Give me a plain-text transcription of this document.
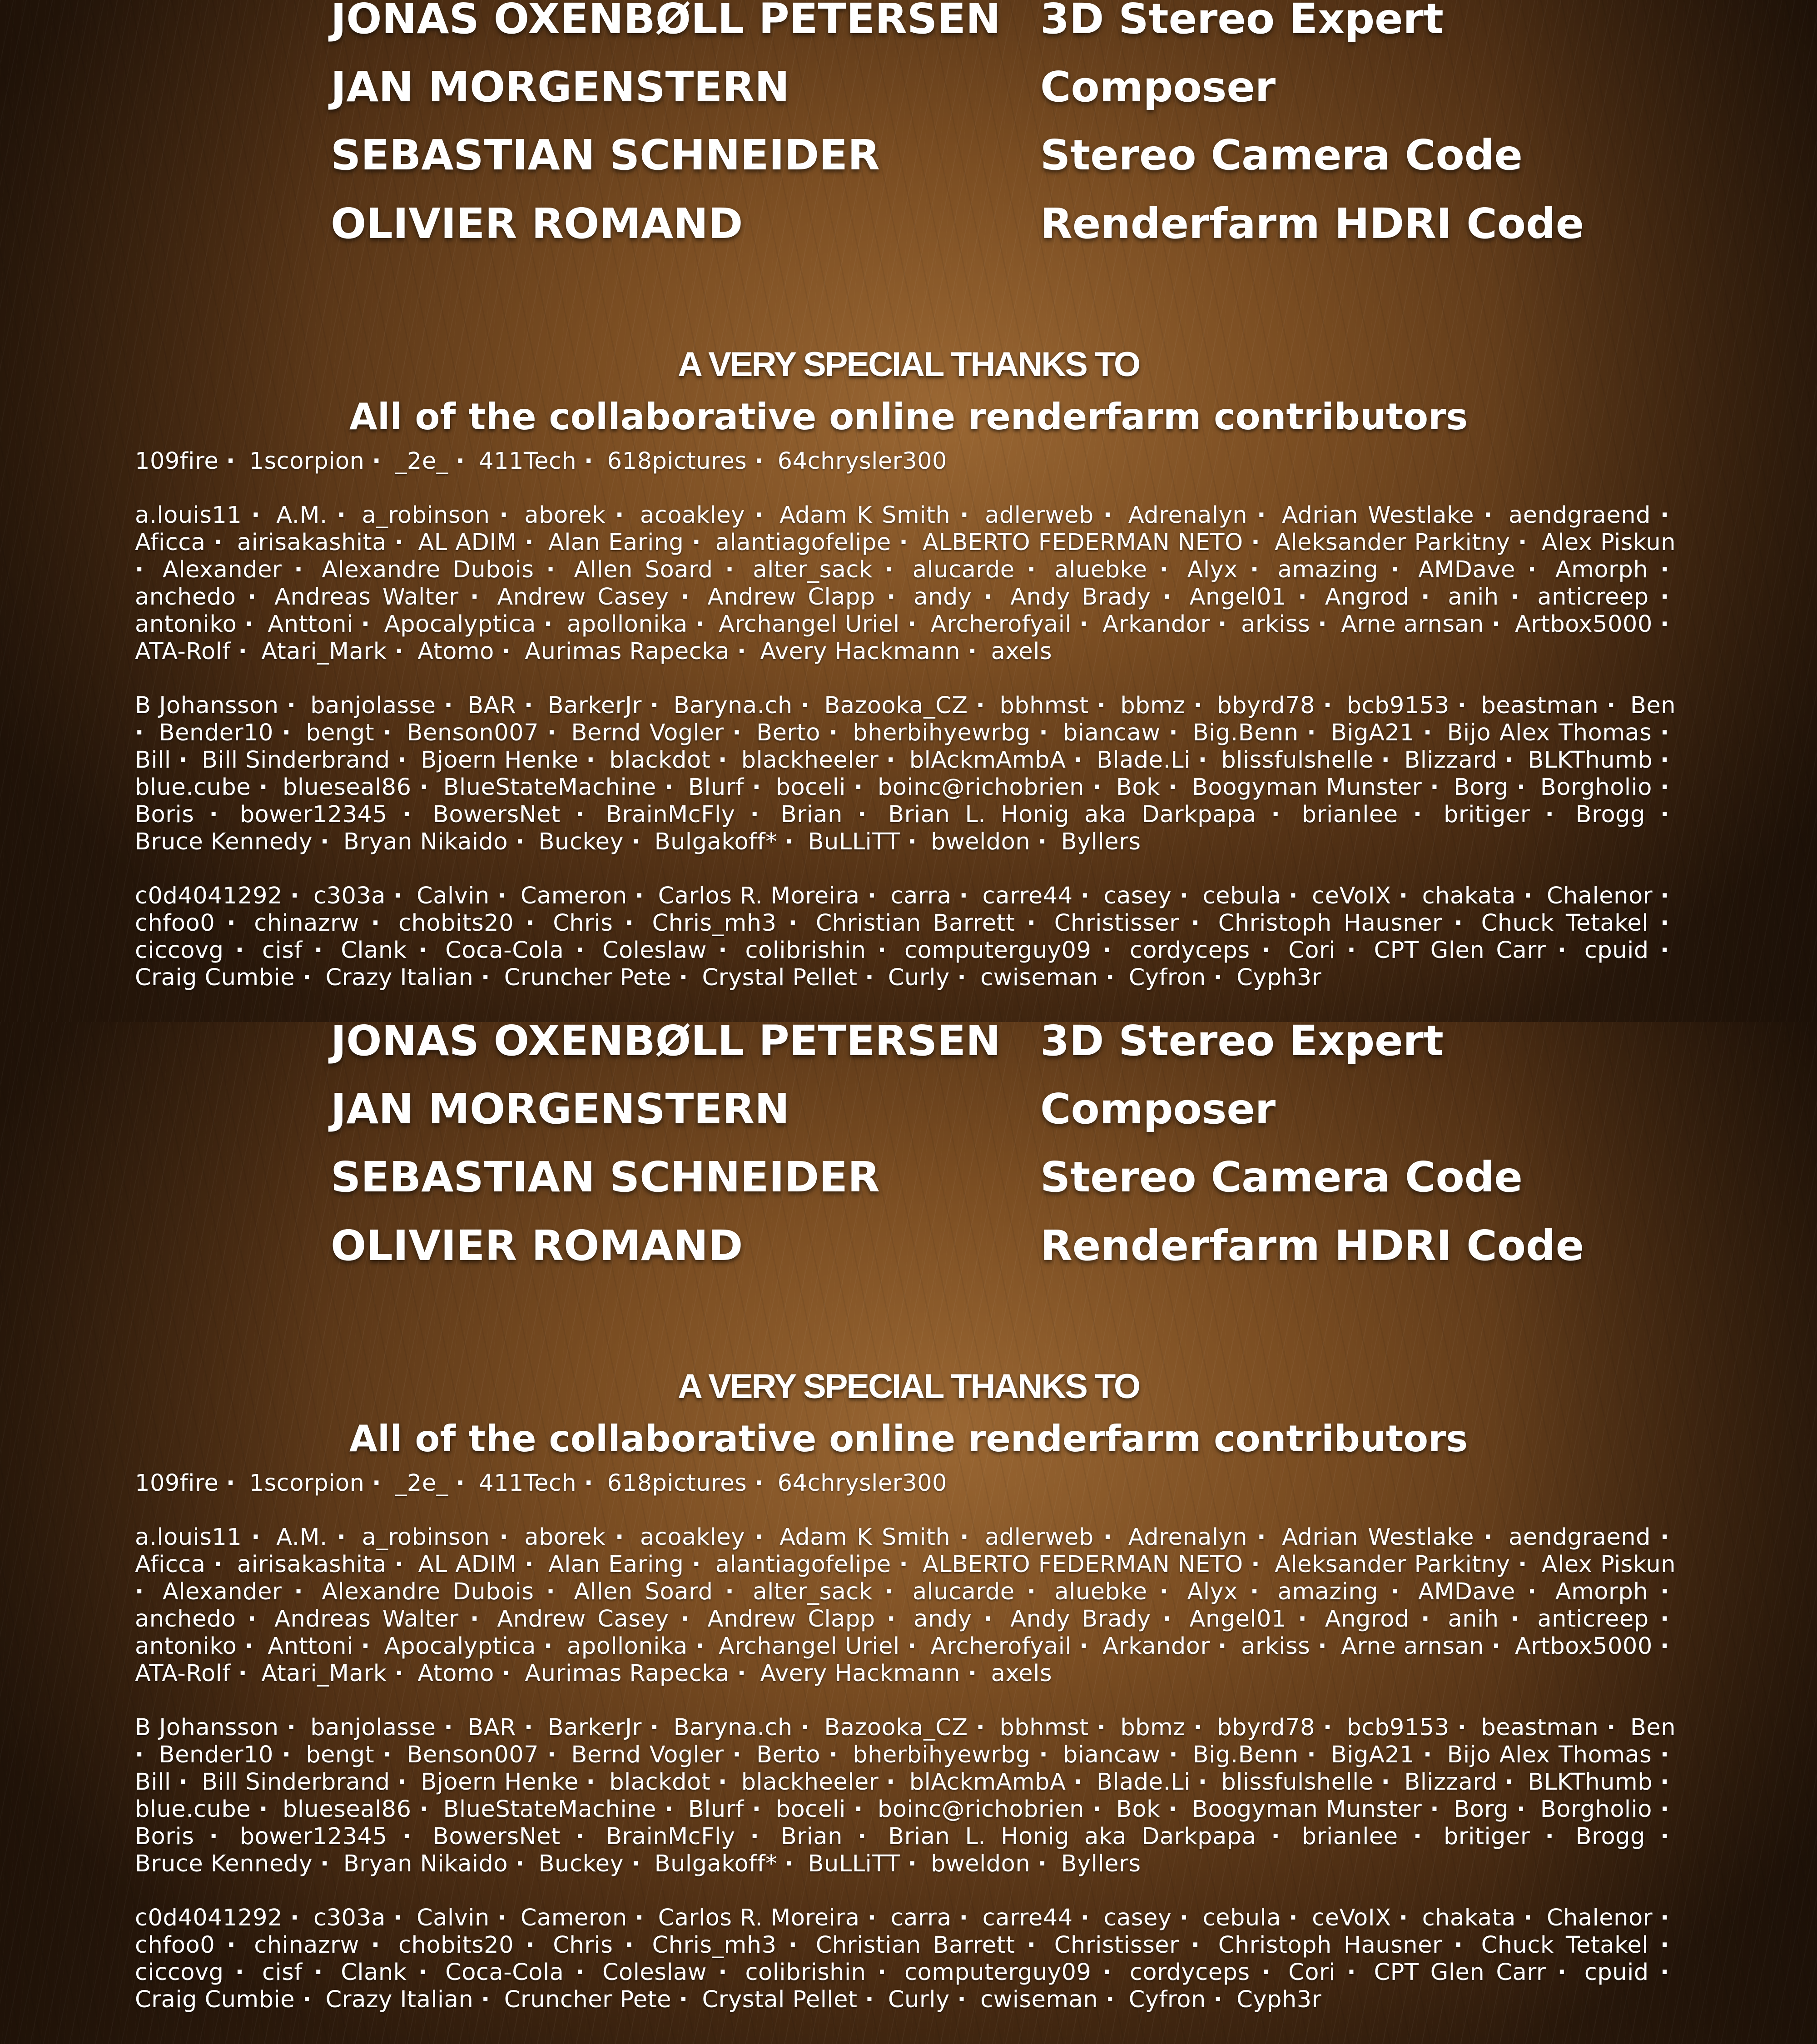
JONAS OXENBØLL PETERSEN 3D Stereo Expert
JAN MORGENSTERN	Composer
SEBASTIAN SCHNEIDER	Stereo Camera Code
OLIVIER ROMAND	Renderfarm HDRI Code
A VERY SPECIAL THANKS TO
All of the collaborative online renderfarm contributors

109fire · 1scorpion · _2e_ · 411Tech · 618pictures · 64chrysler300

a.louis11 · A.M. · a_robinson · aborek · acoakley · Adam K Smith · adlerweb · Adrenalyn · Adrian Westlake · aendgraend · Aficca · airisakashita · AL ADIM · Alan Earing · alantiagofelipe · ALBERTO FEDERMAN NETO · Aleksander Parkitny · Alex Piskun · Alexander · Alexandre Dubois · Allen Soard · alter_sack · alucarde · aluebke · Alyx · amazing · AMDave · Amorph · anchedo · Andreas Walter · Andrew Casey · Andrew Clapp · andy · Andy Brady · Angel01 · Angrod · anih · anticreep · antoniko · Anttoni · Apocalyptica · apollonika · Archangel Uriel · Archerofyail · Arkandor · arkiss · Arne arnsan · Artbox5000 · ATA-Rolf · Atari_Mark · Atomo · Aurimas Rapecka · Avery Hackmann · axels

B Johansson · banjolasse · BAR · BarkerJr · Baryna.ch · Bazooka_CZ · bbhmst · bbmz · bbyrd78 · bcb9153 · beastman · Ben · Bender10 · bengt · Benson007 · Bernd Vogler · Berto · bherbihyewrbg · biancaw · Big.Benn · BigA21 · Bijo Alex Thomas · Bill · Bill Sinderbrand · Bjoern Henke · blackdot · blackheeler · blAckmAmbA · Blade.Li · blissfulshelle · Blizzard · BLKThumb · blue.cube · blueseal86 · BlueStateMachine · Blurf · boceli · boinc@richobrien · Bok · Boogyman Munster · Borg · Borgholio · Boris · bower12345 · BowersNet · BrainMcFly · Brian · Brian L. Honig aka Darkpapa · brianlee · britiger · Brogg · Bruce Kennedy · Bryan Nikaido · Buckey · Bulgakoff* · BuLLiTT · bweldon · Byllers

c0d4041292 · c303a · Calvin · Cameron · Carlos R. Moreira · carra · carre44 · casey · cebula · ceVoIX · chakata · Chalenor · chfoo0 · chinazrw · chobits20 · Chris · Chris_mh3 · Christian Barrett · Christisser · Christoph Hausner · Chuck Tetakel · ciccovg · cisf · Clank · Coca-Cola · Coleslaw · colibrishin · computerguy09 · cordyceps · Cori · CPT Glen Carr · cpuid · Craig Cumbie · Crazy Italian · Cruncher Pete · Crystal Pellet · Curly · cwiseman · Cyfron · Cyph3r

JONAS OXENBØLL PETERSEN 3D Stereo Expert
JAN MORGENSTERN	Composer
SEBASTIAN SCHNEIDER	Stereo Camera Code
OLIVIER ROMAND	Renderfarm HDRI Code
A VERY SPECIAL THANKS TO
All of the collaborative online renderfarm contributors

109fire · 1scorpion · _2e_ · 411Tech · 618pictures · 64chrysler300

a.louis11 · A.M. · a_robinson · aborek · acoakley · Adam K Smith · adlerweb · Adrenalyn · Adrian Westlake · aendgraend · Aficca · airisakashita · AL ADIM · Alan Earing · alantiagofelipe · ALBERTO FEDERMAN NETO · Aleksander Parkitny · Alex Piskun · Alexander · Alexandre Dubois · Allen Soard · alter_sack · alucarde · aluebke · Alyx · amazing · AMDave · Amorph · anchedo · Andreas Walter · Andrew Casey · Andrew Clapp · andy · Andy Brady · Angel01 · Angrod · anih · anticreep · antoniko · Anttoni · Apocalyptica · apollonika · Archangel Uriel · Archerofyail · Arkandor · arkiss · Arne arnsan · Artbox5000 · ATA-Rolf · Atari_Mark · Atomo · Aurimas Rapecka · Avery Hackmann · axels

B Johansson · banjolasse · BAR · BarkerJr · Baryna.ch · Bazooka_CZ · bbhmst · bbmz · bbyrd78 · bcb9153 · beastman · Ben · Bender10 · bengt · Benson007 · Bernd Vogler · Berto · bherbihyewrbg · biancaw · Big.Benn · BigA21 · Bijo Alex Thomas · Bill · Bill Sinderbrand · Bjoern Henke · blackdot · blackheeler · blAckmAmbA · Blade.Li · blissfulshelle · Blizzard · BLKThumb · blue.cube · blueseal86 · BlueStateMachine · Blurf · boceli · boinc@richobrien · Bok · Boogyman Munster · Borg · Borgholio · Boris · bower12345 · BowersNet · BrainMcFly · Brian · Brian L. Honig aka Darkpapa · brianlee · britiger · Brogg · Bruce Kennedy · Bryan Nikaido · Buckey · Bulgakoff* · BuLLiTT · bweldon · Byllers

c0d4041292 · c303a · Calvin · Cameron · Carlos R. Moreira · carra · carre44 · casey · cebula · ceVoIX · chakata · Chalenor · chfoo0 · chinazrw · chobits20 · Chris · Chris_mh3 · Christian Barrett · Christisser · Christoph Hausner · Chuck Tetakel · ciccovg · cisf · Clank · Coca-Cola · Coleslaw · colibrishin · computerguy09 · cordyceps · Cori · CPT Glen Carr · cpuid · Craig Cumbie · Crazy Italian · Cruncher Pete · Crystal Pellet · Curly · cwiseman · Cyfron · Cyph3r
